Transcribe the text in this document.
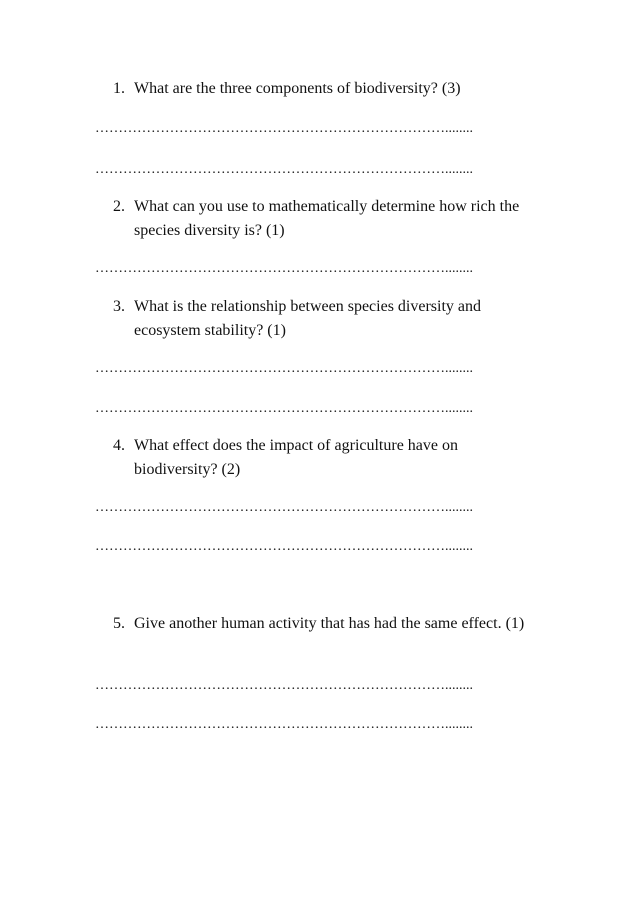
1. What are the three components of biodiversity? (3)
…………………………………………………………………........
…………………………………………………………………........
2. What can you use to mathematically determine how rich the species diversity is? (1)
…………………………………………………………………........
3. What is the relationship between species diversity and ecosystem stability? (1)
…………………………………………………………………........
…………………………………………………………………........
4. What effect does the impact of agriculture have on biodiversity? (2)
…………………………………………………………………........
…………………………………………………………………........
5. Give another human activity that has had the same effect. (1)
…………………………………………………………………........
…………………………………………………………………........
